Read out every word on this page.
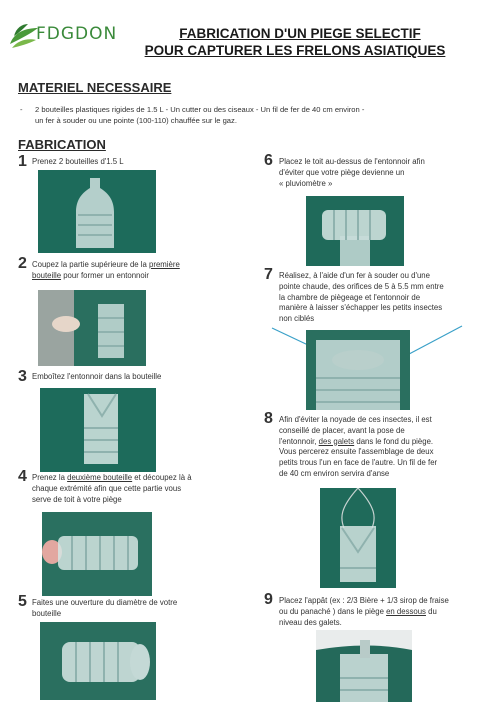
FDGDON	FABRICATION D'UN PIEGE SELECTIF
POUR CAPTURER LES FRELONS ASIATIQUES
MATERIEL NECESSAIRE
- 2 bouteilles plastiques rigides de 1.5 L - Un cutter ou des ciseaux - Un fil de fer de 40 cm environ -
un fer à souder ou une pointe (100-110) chauffée sur le gaz.
FABRICATION
1 Prenez 2 bouteilles d'1.5 L
2 Coupez la partie supérieure de la première
bouteille pour former un entonnoir
3 Emboîtez l'entonnoir dans la bouteille
4 Prenez la deuxième bouteille et découpez là à
chaque extrémité afin que cette partie vous
serve de toit à votre piège
5 Faites une ouverture du diamètre de votre
bouteille
6 Placez le toit au-dessus de l'entonnoir afin
d'éviter que votre piège devienne un
« pluviomètre »
7 Réalisez, à l'aide d'un fer à souder ou d'une
pointe chaude, des orifices de 5 à 5.5 mm entre
la chambre de piègeage et l'entonnoir de
manière à laisser s'échapper les petits insectes
non ciblés
8 Afin d'éviter la noyade de ces insectes, il est
conseillé de placer, avant la pose de
l'entonnoir, des galets dans le fond du piège.
Vous percerez ensuite l'assemblage de deux
petits trous l'un en face de l'autre. Un fil de fer
de 40 cm environ servira d'anse
9 Placez l'appât (ex : 2/3 Bière + 1/3 sirop de fraise
ou du panaché ) dans le piège en dessous du
niveau des galets.
